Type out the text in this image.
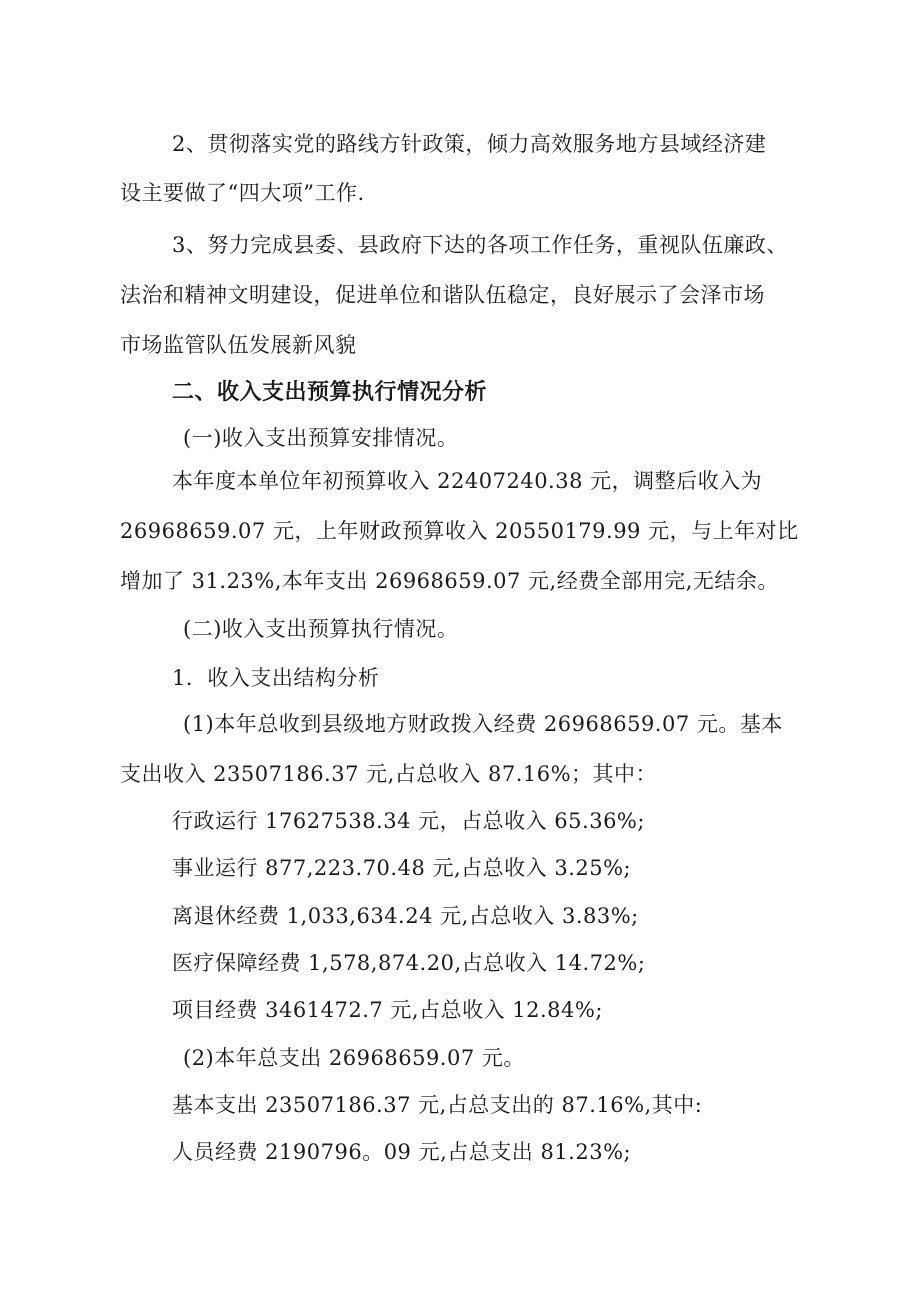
2、贯彻落实党的路线方针政策，倾力高效服务地方县域经济建

设主要做了“四大项”工作.

3、努力完成县委、县政府下达的各项工作任务，重视队伍廉政、

法治和精神文明建设，促进单位和谐队伍稳定，良好展示了会泽市场

市场监管队伍发展新风貌

二、收入支出预算执行情况分析

(一)收入支出预算安排情况。

本年度本单位年初预算收入 22407240.38 元，调整后收入为

26968659.07 元，上年财政预算收入 20550179.99 元，与上年对比

增加了 31.23%,本年支出 26968659.07 元,经费全部用完,无结余。

(二)收入支出预算执行情况。

1．收入支出结构分析

(1)本年总收到县级地方财政拨入经费 26968659.07 元。基本

支出收入 23507186.37 元,占总收入 87.16%；其中：

行政运行 17627538.34 元，占总收入 65.36%;

事业运行 877,223.70.48 元,占总收入 3.25%;

离退休经费 1,033,634.24 元,占总收入 3.83%;

医疗保障经费 1,578,874.20,占总收入 14.72%;

项目经费 3461472.7 元,占总收入 12.84%;

(2)本年总支出 26968659.07 元。

基本支出 23507186.37 元,占总支出的 87.16%,其中:

人员经费 2190796。09 元,占总支出 81.23%;
